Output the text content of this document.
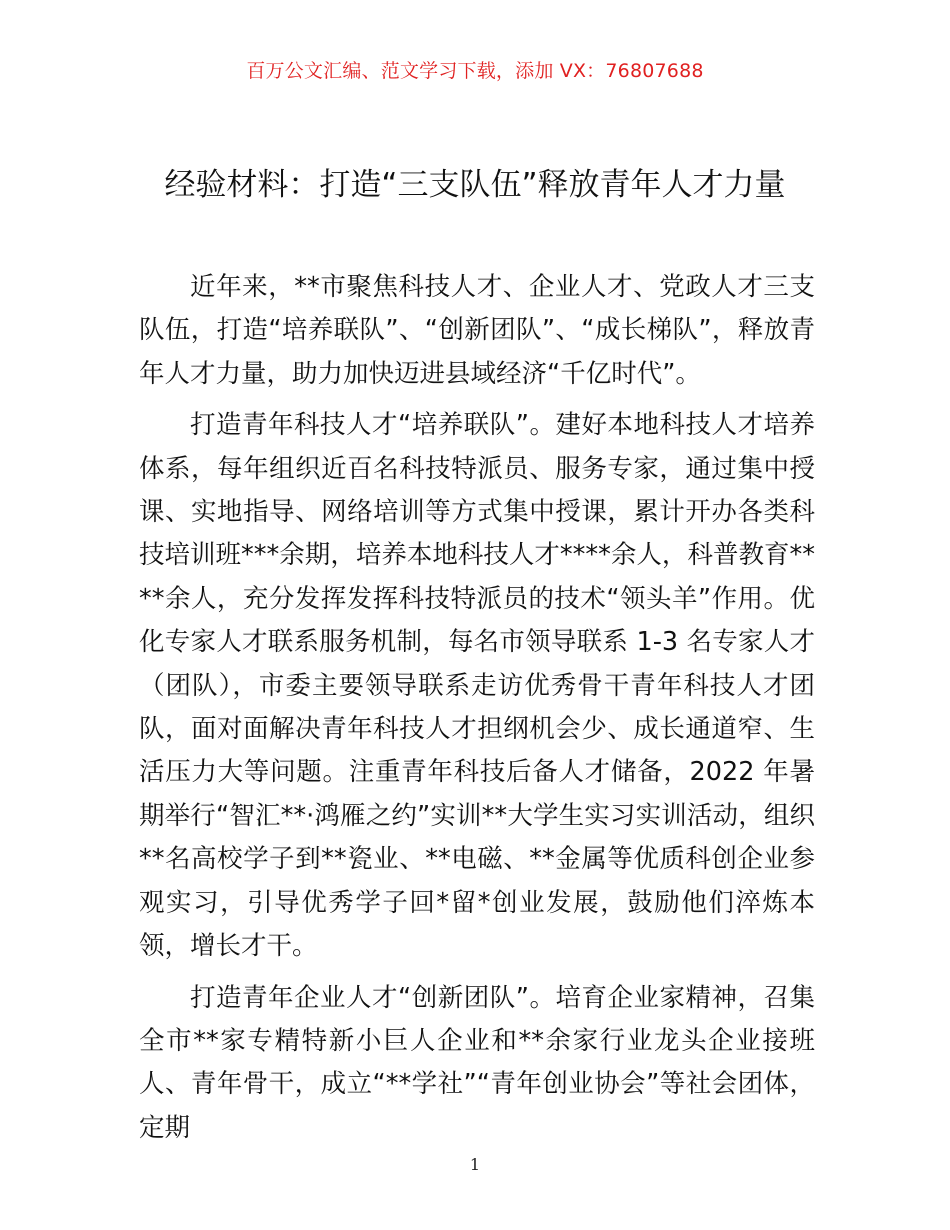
百万公文汇编、范文学习下载，添加 VX：76807688
经验材料：打造“三支队伍”释放青年人才力量

近年来，**市聚焦科技人才、企业人才、党政人才三支队伍，打造“培养联队”、“创新团队”、“成长梯队”，释放青年人才力量，助力加快迈进县域经济“千亿时代”。

打造青年科技人才“培养联队”。建好本地科技人才培养体系，每年组织近百名科技特派员、服务专家，通过集中授课、实地指导、网络培训等方式集中授课，累计开办各类科技培训班***余期，培养本地科技人才****余人，科普教育****余人，充分发挥发挥科技特派员的技术“领头羊”作用。优化专家人才联系服务机制，每名市领导联系 1-3 名专家人才（团队），市委主要领导联系走访优秀骨干青年科技人才团队，面对面解决青年科技人才担纲机会少、成长通道窄、生活压力大等问题。注重青年科技后备人才储备，2022 年暑期举行“智汇**·鸿雁之约”实训**大学生实习实训活动，组织**名高校学子到**瓷业、**电磁、**金属等优质科创企业参观实习，引导优秀学子回*留*创业发展，鼓励他们淬炼本领，增长才干。

打造青年企业人才“创新团队”。培育企业家精神，召集全市**家专精特新小巨人企业和**余家行业龙头企业接班人、青年骨干，成立“**学社”“青年创业协会”等社会团体，定期

1
